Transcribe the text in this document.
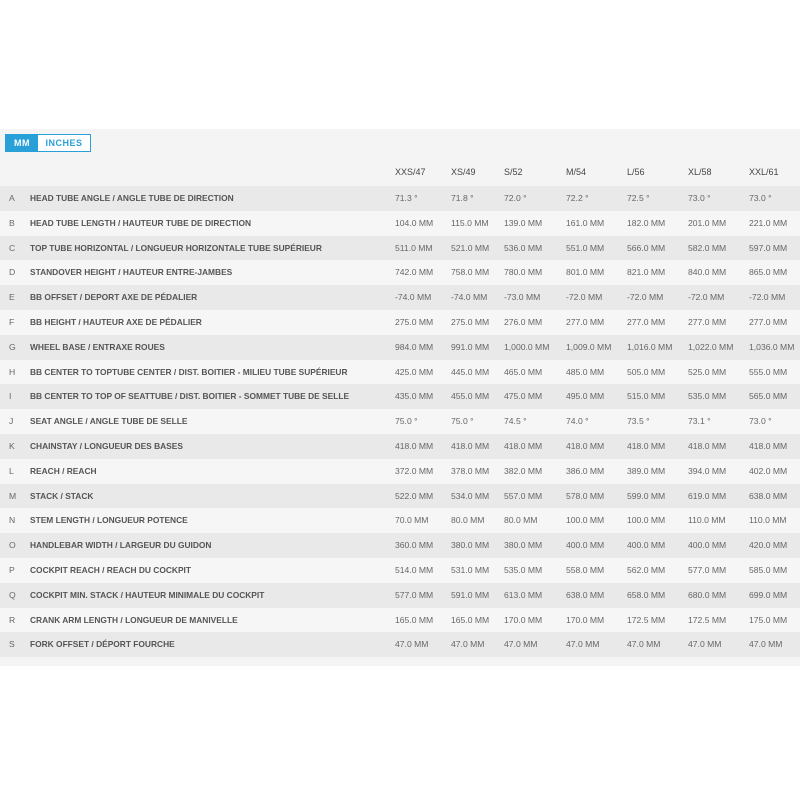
MM	INCHES
XXS/47	XS/49	S/52	M/54	L/56	XL/58	XXL/61
A HEAD TUBE ANGLE / ANGLE TUBE DE DIRECTION	71.3 °	71.8 °	72.0 °	72.2 °	72.5 °	73.0 °	73.0 °
B HEAD TUBE LENGTH / HAUTEUR TUBE DE DIRECTION	104.0 MM 115.0 MM 139.0 MM	161.0 MM	182.0 MM	201.0 MM	221.0 MM
C TOP TUBE HORIZONTAL / LONGUEUR HORIZONTALE TUBE SUPÉRIEUR	511.0 MM 521.0 MM 536.0 MM	551.0 MM	566.0 MM	582.0 MM	597.0 MM
D STANDOVER HEIGHT / HAUTEUR ENTRE-JAMBES	742.0 MM 758.0 MM 780.0 MM	801.0 MM	821.0 MM	840.0 MM	865.0 MM
E BB OFFSET / DEPORT AXE DE PÉDALIER	-74.0 MM -74.0 MM -73.0 MM	-72.0 MM	-72.0 MM	-72.0 MM	-72.0 MM
F BB HEIGHT / HAUTEUR AXE DE PÉDALIER	275.0 MM 275.0 MM 276.0 MM	277.0 MM	277.0 MM	277.0 MM	277.0 MM
G WHEEL BASE / ENTRAXE ROUES	984.0 MM 991.0 MM 1,000.0 MM 1,009.0 MM 1,016.0 MM 1,022.0 MM 1,036.0 MM
H BB CENTER TO TOPTUBE CENTER / DIST. BOITIER - MILIEU TUBE SUPÉRIEUR	425.0 MM 445.0 MM 465.0 MM	485.0 MM	505.0 MM	525.0 MM	555.0 MM
I BB CENTER TO TOP OF SEATTUBE / DIST. BOITIER - SOMMET TUBE DE SELLE	435.0 MM 455.0 MM 475.0 MM	495.0 MM	515.0 MM	535.0 MM	565.0 MM
J SEAT ANGLE / ANGLE TUBE DE SELLE	75.0 °	75.0 °	74.5 °	74.0 °	73.5 °	73.1 °	73.0 °
K CHAINSTAY / LONGUEUR DES BASES	418.0 MM 418.0 MM 418.0 MM	418.0 MM	418.0 MM	418.0 MM	418.0 MM
L REACH / REACH	372.0 MM 378.0 MM 382.0 MM	386.0 MM	389.0 MM	394.0 MM	402.0 MM
M STACK / STACK	522.0 MM 534.0 MM 557.0 MM	578.0 MM	599.0 MM	619.0 MM	638.0 MM
N STEM LENGTH / LONGUEUR POTENCE	70.0 MM	80.0 MM 80.0 MM	100.0 MM	100.0 MM	110.0 MM	110.0 MM
O HANDLEBAR WIDTH / LARGEUR DU GUIDON	360.0 MM 380.0 MM 380.0 MM	400.0 MM	400.0 MM	400.0 MM	420.0 MM
P COCKPIT REACH / REACH DU COCKPIT	514.0 MM 531.0 MM 535.0 MM	558.0 MM	562.0 MM	577.0 MM	585.0 MM
Q COCKPIT MIN. STACK / HAUTEUR MINIMALE DU COCKPIT	577.0 MM 591.0 MM 613.0 MM	638.0 MM	658.0 MM	680.0 MM	699.0 MM
R CRANK ARM LENGTH / LONGUEUR DE MANIVELLE	165.0 MM 165.0 MM 170.0 MM	170.0 MM	172.5 MM	172.5 MM	175.0 MM
S FORK OFFSET / DÉPORT FOURCHE	47.0 MM	47.0 MM 47.0 MM	47.0 MM	47.0 MM	47.0 MM	47.0 MM
